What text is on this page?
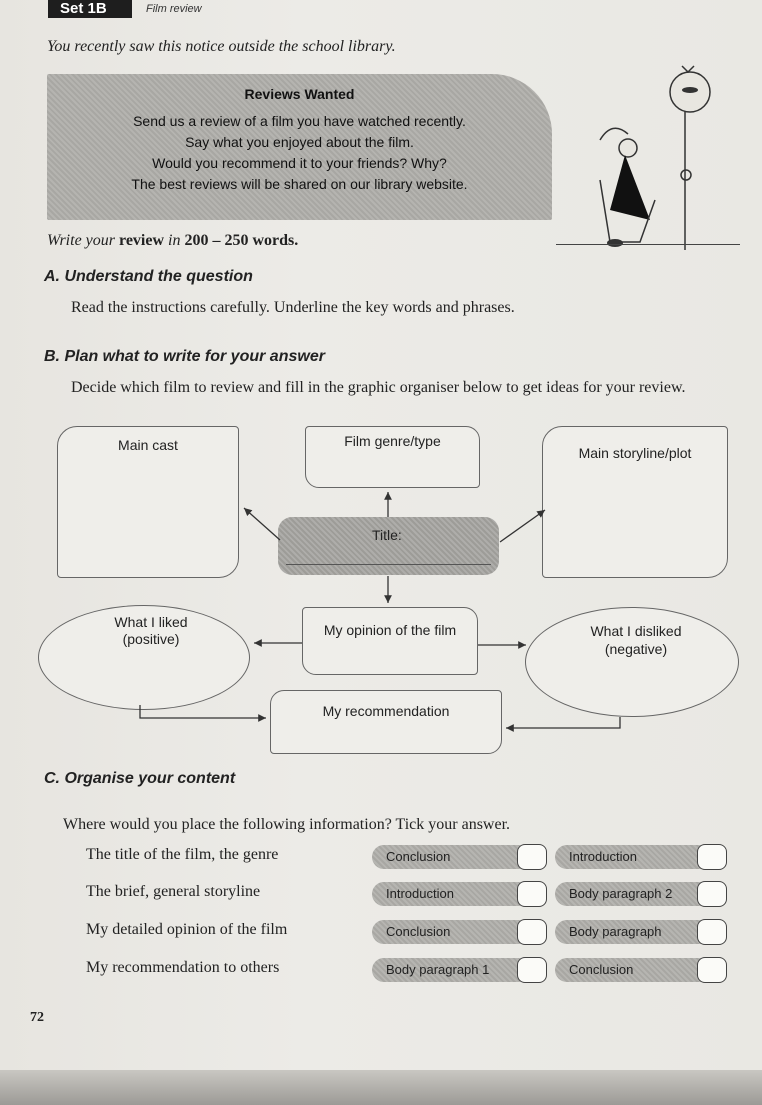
Set 1B	Film review
You recently saw this notice outside the school library.
Reviews Wanted
Send us a review of a film you have watched recently.
Say what you enjoyed about the film.
Would you recommend it to your friends? Why?
The best reviews will be shared on our library website.
Write your review in 200 – 250 words.
A. Understand the question
Read the instructions carefully. Underline the key words and phrases.
B. Plan what to write for your answer
Decide which film to review and fill in the graphic organiser below to get ideas for your review.
Main cast	Film genre/type
Main storyline/plot
Title:
What I liked (positive)
My opinion of the film	What I disliked (negative)
My recommendation
C. Organise your content
Where would you place the following information? Tick your answer.
The title of the film, the genre	Conclusion	Introduction
The brief, general storyline	Introduction	Body paragraph 2
My detailed opinion of the film	Conclusion	Body paragraph
My recommendation to others	Body paragraph 1	Conclusion
72
